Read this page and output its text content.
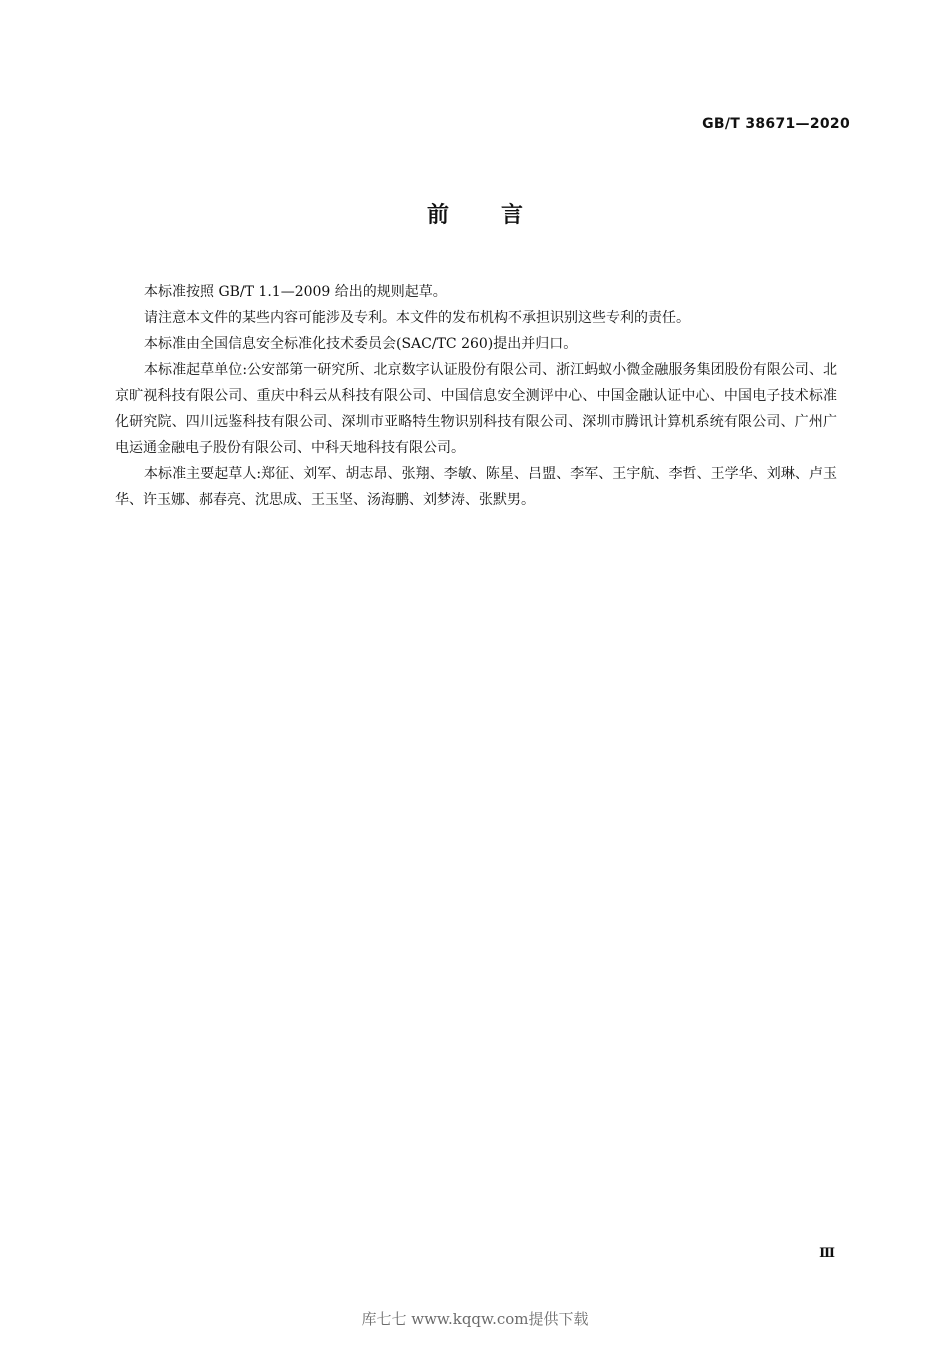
GB/T 38671—2020
前言

本标准按照 GB/T 1.1—2009 给出的规则起草。

请注意本文件的某些内容可能涉及专利。本文件的发布机构不承担识别这些专利的责任。

本标准由全国信息安全标准化技术委员会(SAC/TC 260)提出并归口。

本标准起草单位:公安部第一研究所、北京数字认证股份有限公司、浙江蚂蚁小微金融服务集团股份有限公司、北京旷视科技有限公司、重庆中科云从科技有限公司、中国信息安全测评中心、中国金融认证中心、中国电子技术标准化研究院、四川远鉴科技有限公司、深圳市亚略特生物识别科技有限公司、深圳市腾讯计算机系统有限公司、广州广电运通金融电子股份有限公司、中科天地科技有限公司。

本标准主要起草人:郑征、刘军、胡志昂、张翔、李敏、陈星、吕盟、李军、王宇航、李哲、王学华、刘琳、卢玉华、许玉娜、郝春亮、沈思成、王玉坚、汤海鹏、刘梦涛、张默男。

Ⅲ
库七七 www.kqqw.com提供下载
